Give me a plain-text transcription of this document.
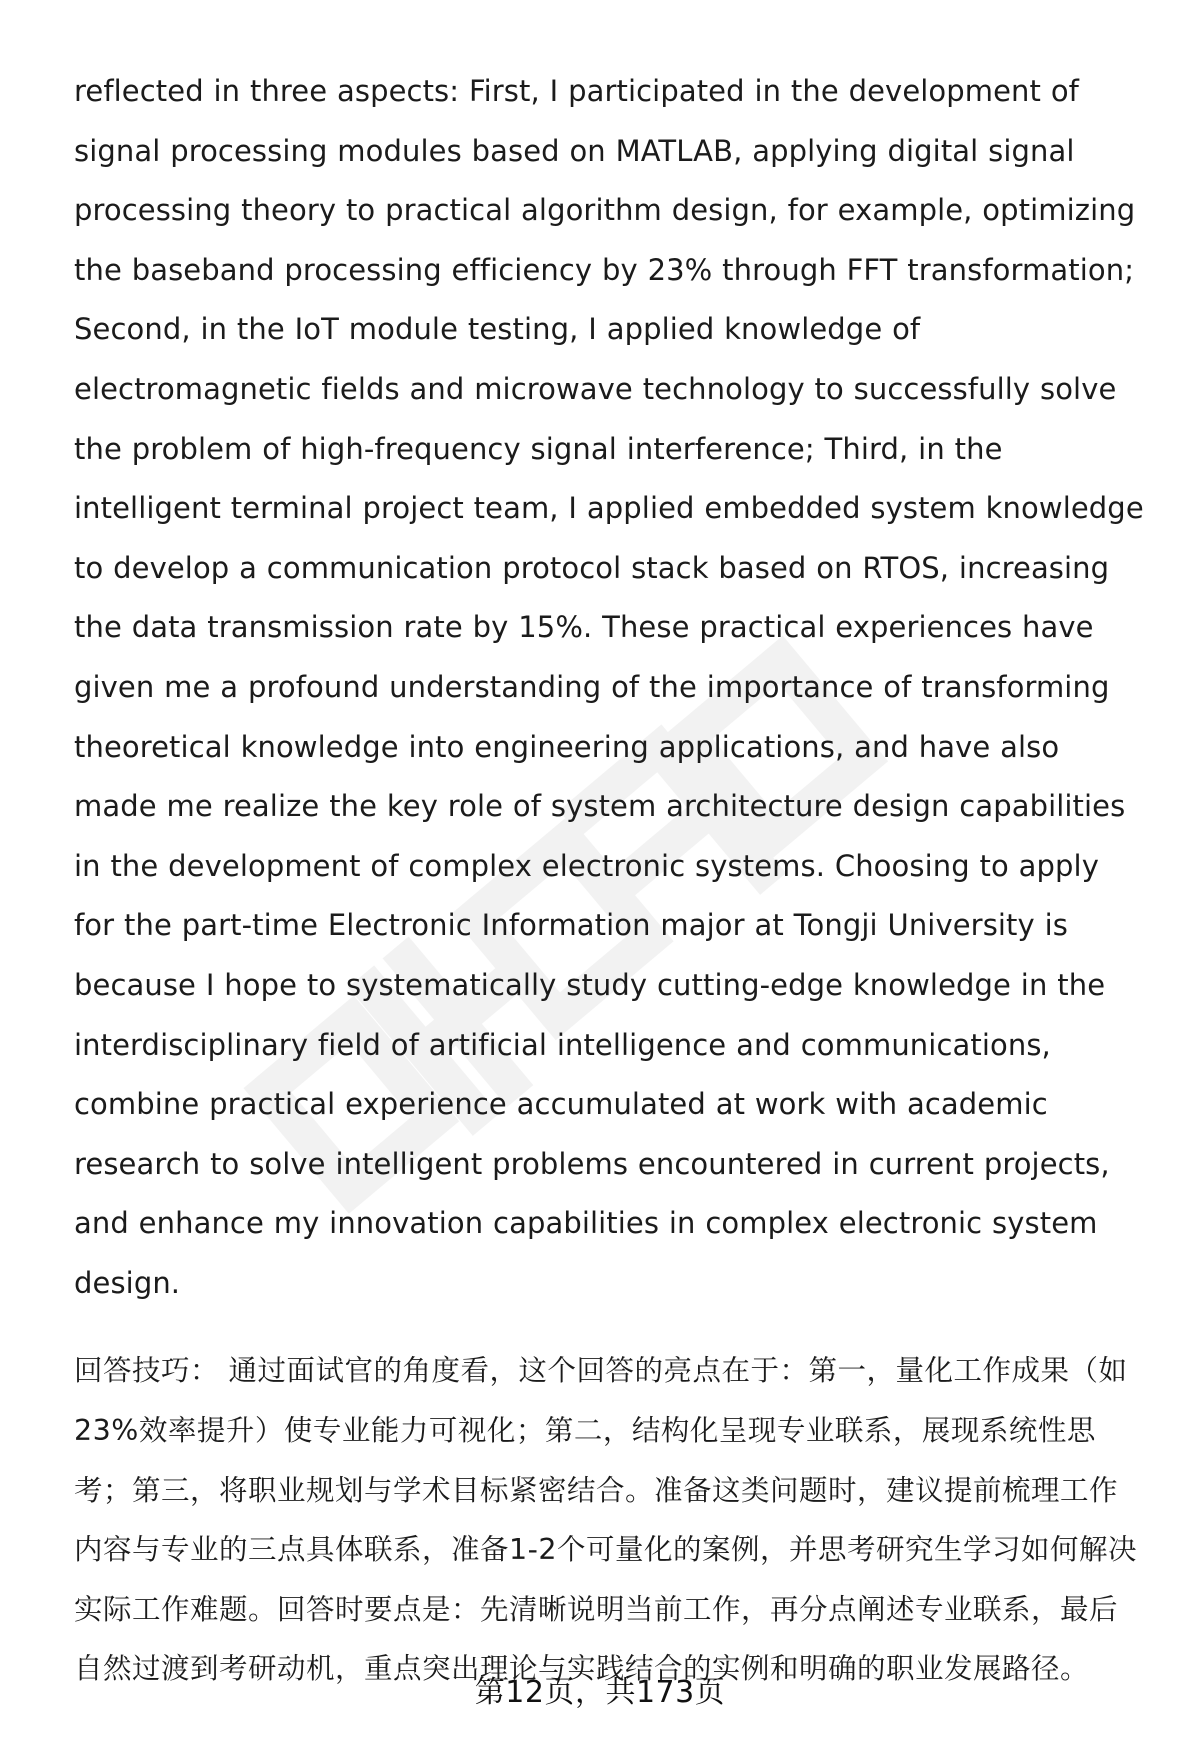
reflected in three aspects: First, I participated in the development of signal processing modules based on MATLAB, applying digital signal processing theory to practical algorithm design, for example, optimizing the baseband processing efficiency by 23% through FFT transformation; Second, in the IoT module testing, I applied knowledge of electromagnetic fields and microwave technology to successfully solve the problem of high-frequency signal interference; Third, in the intelligent terminal project team, I applied embedded system knowledge to develop a communication protocol stack based on RTOS, increasing the data transmission rate by 15%. These practical experiences have given me a profound understanding of the importance of transforming theoretical knowledge into engineering applications, and have also made me realize the key role of system architecture design capabilities in the development of complex electronic systems. Choosing to apply for the part-time Electronic Information major at Tongji University is because I hope to systematically study cutting-edge knowledge in the interdisciplinary field of artificial intelligence and communications, combine practical experience accumulated at work with academic research to solve intelligent problems encountered in current projects, and enhance my innovation capabilities in complex electronic system design.

回答技巧： 通过面试官的角度看，这个回答的亮点在于：第一，量化工作成果（如23%效率提升）使专业能力可视化；第二，结构化呈现专业联系，展现系统性思考；第三，将职业规划与学术目标紧密结合。准备这类问题时，建议提前梳理工作内容与专业的三点具体联系，准备1-2个可量化的案例，并思考研究生学习如何解决实际工作难题。回答时要点是：先清晰说明当前工作，再分点阐述专业联系，最后自然过渡到考研动机，重点突出理论与实践结合的实例和明确的职业发展路径。

第12页，共173页
